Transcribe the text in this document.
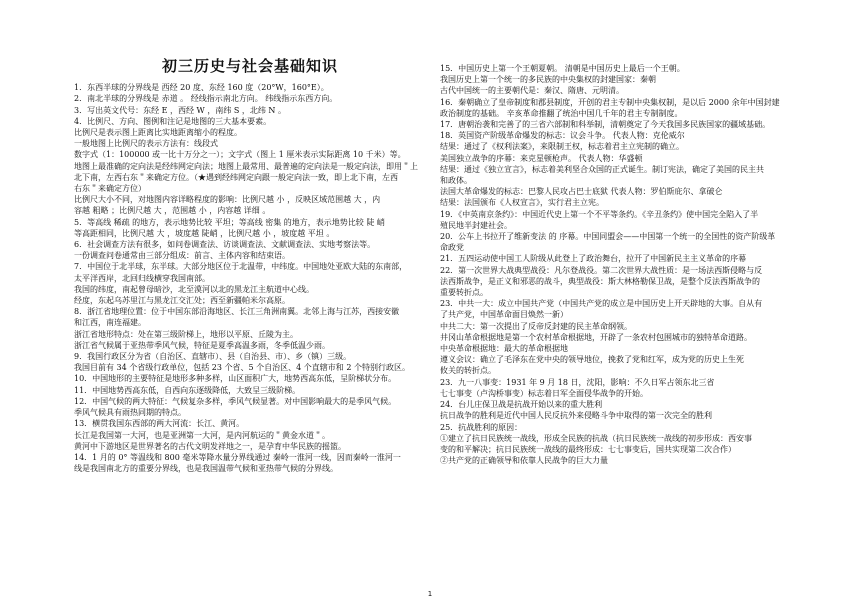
初三历史与社会基础知识
1．东西半球的分界线是 西经 20 度、东经 160 度（20°W，160°E）。
2．南北半球的分界线是 赤道 。 经线指示南北方向。 纬线指示东西方向。
3．写出英文代号：东经 E ，西经 W ，南纬 S ，北纬 N 。
4．比例尺、方向、图例和注记是地图的三大基本要素。
比例尺是表示图上距离比实地距离缩小的程度。
一般地图上比例尺的表示方法有：线段式
数字式（1：100000 或一比十万分之一）；文字式（图上 1 厘米表示实际距离 10 千米）等。
地图上最准确的定向法是经纬网定向法；地图上最常用、最普遍的定向法是一般定向法，即用＂上
北下南，左西右东＂来确定方位。（★遇到经纬网定向跟一般定向法一致，即上北下南，左西
右东＂来确定方位）
比例尺大小不同，对地图内容详略程度的影响：比例尺越 小 ，反映区域范围越 大 ，内
容越 粗略 ；比例尺越 大 ，范围越 小 ，内容越 详细 。
5．等高线 稀疏 的地方，表示地势比较 平坦；等高线 密集 的地方，表示地势比较 陡 峭
等高距相同，比例尺越 大 ，坡度越 陡峭 ，比例尺越 小 ，坡度越 平坦 。
6．社会调查方法有很多，如问卷调查法、访谈调查法、文献调查法、实地考察法等。
一份调查问卷通常由三部分组成：前言、主体内容和结束语。
7．中国位于北半球，东半球。大部分地区位于北温带，中纬度。中国地处亚欧大陆的东南部，
太平洋西岸，北回归线横穿我国南部。
我国的纬度，南起曾母暗沙，北至漠河以北的黑龙江主航道中心线。
经度，东起乌苏里江与黑龙江交汇处；西至新疆帕米尔高原。
8．浙江省地理位置：位于中国东部沿海地区、长江三角洲南翼。北邻上海与江苏，西接安徽
和江西，南连福建。
浙江省地形特点：处在第三级阶梯上，地形以平原、丘陵为主。
浙江省气候属于亚热带季风气候，特征是夏季高温多雨，冬季低温少雨。
9．我国行政区分为省（自治区、直辖市）、县（自治县、市）、乡（镇）三级。
我国目前有 34 个省级行政单位，包括 23 个省、5 个自治区、4 个直辖市和 2 个特别行政区。
10．中国地形的主要特征是地形多种多样，山区面积广大，地势西高东低，呈阶梯状分布。
11．中国地势西高东低，自西向东逐级降低，大致呈三级阶梯。
12．中国气候的两大特征：气候复杂多样，季风气候显著。对中国影响最大的是季风气候。
季风气候具有雨热同期的特点。
13．横贯我国东西部的两大河流：长江、黄河。
长江是我国第一大河，也是亚洲第一大河，是内河航运的＂黄金水道＂。
黄河中下游地区是世界著名的古代文明发祥地之一，是孕育中华民族的摇篮。
14．1 月的 0° 等温线和 800 毫米等降水量分界线通过 秦岭一淮河一线，因而秦岭一淮河一
线是我国南北方的重要分界线，也是我国温带气候和亚热带气候的分界线。
15．中国历史上第一个王朝夏朝。 清朝是中国历史上最后一个王朝。
我国历史上第一个统一的多民族的中央集权的封建国家：秦朝
古代中国统一的主要朝代是：秦汉、隋唐、元明清。
16．秦朝确立了皇帝制度和郡县制度，开创的君主专制中央集权制，是以后 2000 余年中国封建
政治制度的基础。 辛亥革命推翻了统治中国几千年的君主专制制度。
17．唐朝治袭和完善了的三省六部制和科举制，清朝奠定了今天我国多民族国家的疆域基础。
18．英国资产阶级革命爆发的标志：议会斗争。 代表人物：克伦威尔
结果：通过了《权利法案》，来限制王权，标志着君主立宪制的确立。
美国独立战争的序幕：来克星顿枪声。 代表人物：华盛顿
结果：通过《独立宣言》，标志着美利坚合众国的正式诞生。制订宪法，确定了美国的民主共
和政体。
法国大革命爆发的标志：巴黎人民攻占巴士底狱 代表人物：罗伯斯庇尔、拿破仑
结果：法国颁布《人权宣言》，实行君主立宪。
19．《中英南京条约》：中国近代史上第一个不平等条约。《辛丑条约》使中国完全陷入了半
殖民地半封建社会。
20．公车上书拉开了维新变法 的 序幕。中国同盟会——中国第一个统一的全国性的资产阶级革
命政党
21．五四运动使中国工人阶级从此登上了政治舞台，拉开了中国新民主主义革命的序幕
22．第一次世界大战典型战役：凡尔登战役。第二次世界大战性质：是一场法西斯侵略与反
法西斯战争，是正义和邪恶的战斗，典型战役：斯大林格勒保卫战，是整个反法西斯战争的
重要转折点。
23．中共一大：成立中国共产党（中国共产党的成立是中国历史上开天辟地的大事。自从有
了共产党，中国革命面目焕然一新）
中共二大：第一次提出了反帝反封建的民主革命纲领。
井冈山革命根据地是第一个农村革命根据地，开辟了一条农村包围城市的独特革命道路。
中央革命根据地：最大的革命根据地
遵义会议：确立了毛泽东在党中央的领导地位，挽救了党和红军，成为党的历史上生死
攸关的转折点。
23．九一八事变：1931 年 9 月 18 日，沈阳，影响：不久日军占领东北三省
七七事变（卢沟桥事变）标志着日军全面侵华战争的开始。
24．台儿庄保卫战是抗战开始以来的重大胜利
抗日战争的胜利是近代中国人民反抗外来侵略斗争中取得的第一次完全的胜利
25．抗战胜利的原因：
①建立了抗日民族统一战线，形成全民族的抗战（抗日民族统一战线的初步形成：西安事
变的和平解决；抗日民族统一战线的最终形成：七七事变后，国共实现第二次合作）
②共产党的正确领导和依靠人民战争的巨大力量
1
